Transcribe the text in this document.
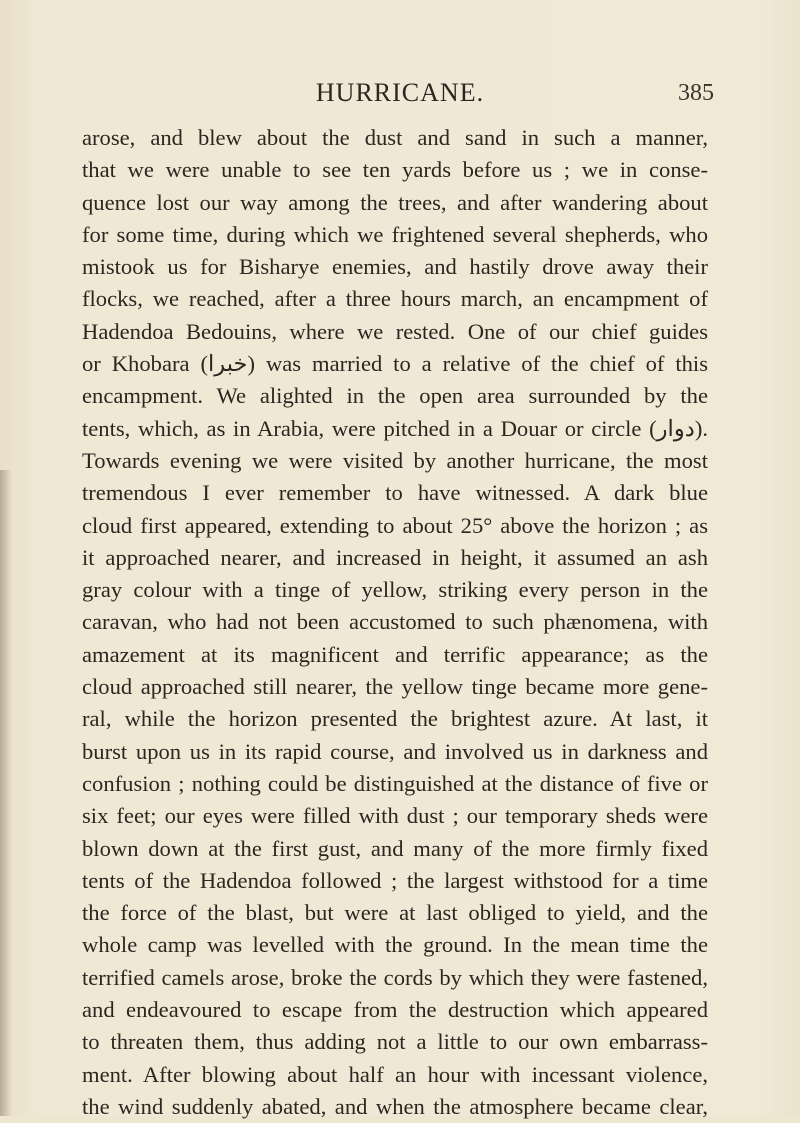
HURRICANE.	385
arose, and blew about the dust and sand in such a manner,
that we were unable to see ten yards before us ; we in conse-
quence lost our way among the trees, and after wandering about
for some time, during which we frightened several shepherds, who
mistook us for Bisharye enemies, and hastily drove away their
flocks, we reached, after a three hours march, an encampment of
Hadendoa Bedouins, where we rested. One of our chief guides
or Khobara (خبرا) was married to a relative of the chief of this
encampment. We alighted in the open area surrounded by the
tents, which, as in Arabia, were pitched in a Douar or circle (دوار).
Towards evening we were visited by another hurricane, the most
tremendous I ever remember to have witnessed. A dark blue
cloud first appeared, extending to about 25° above the horizon ; as
it approached nearer, and increased in height, it assumed an ash
gray colour with a tinge of yellow, striking every person in the
caravan, who had not been accustomed to such phænomena, with
amazement at its magnificent and terrific appearance; as the
cloud approached still nearer, the yellow tinge became more gene-
ral, while the horizon presented the brightest azure. At last, it
burst upon us in its rapid course, and involved us in darkness and
confusion ; nothing could be distinguished at the distance of five or
six feet; our eyes were filled with dust ; our temporary sheds were
blown down at the first gust, and many of the more firmly fixed
tents of the Hadendoa followed ; the largest withstood for a time
the force of the blast, but were at last obliged to yield, and the
whole camp was levelled with the ground. In the mean time the
terrified camels arose, broke the cords by which they were fastened,
and endeavoured to escape from the destruction which appeared
to threaten them, thus adding not a little to our own embarrass-
ment. After blowing about half an hour with incessant violence,
the wind suddenly abated, and when the atmosphere became clear,
